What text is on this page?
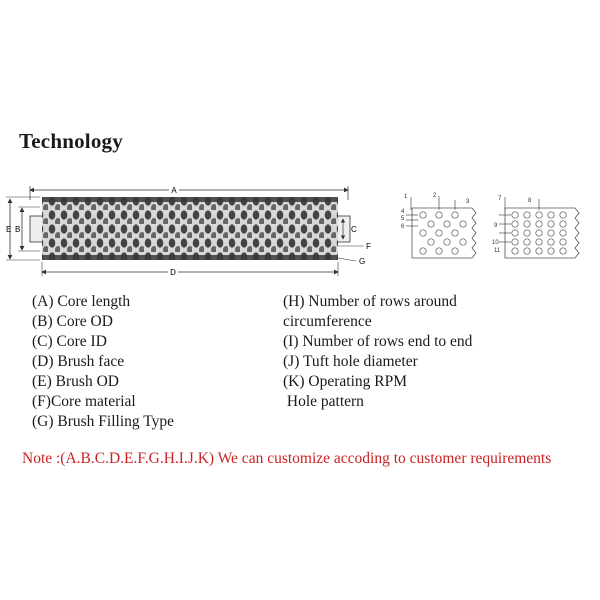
Technology
A
E B	C
F
G
D
1	2
3
4
5
6
7	8
9
10
11
(A) Core length
(B) Core OD
(C) Core ID
(D) Brush face
(E) Brush OD
(F)Core material
(G) Brush Filling Type
(H) Number of rows around
circumference
(I) Number of rows end to end
(J) Tuft hole diameter
(K) Operating RPM
Hole pattern
Note :(A.B.C.D.E.F.G.H.I.J.K) We can customize accoding to customer requirements
